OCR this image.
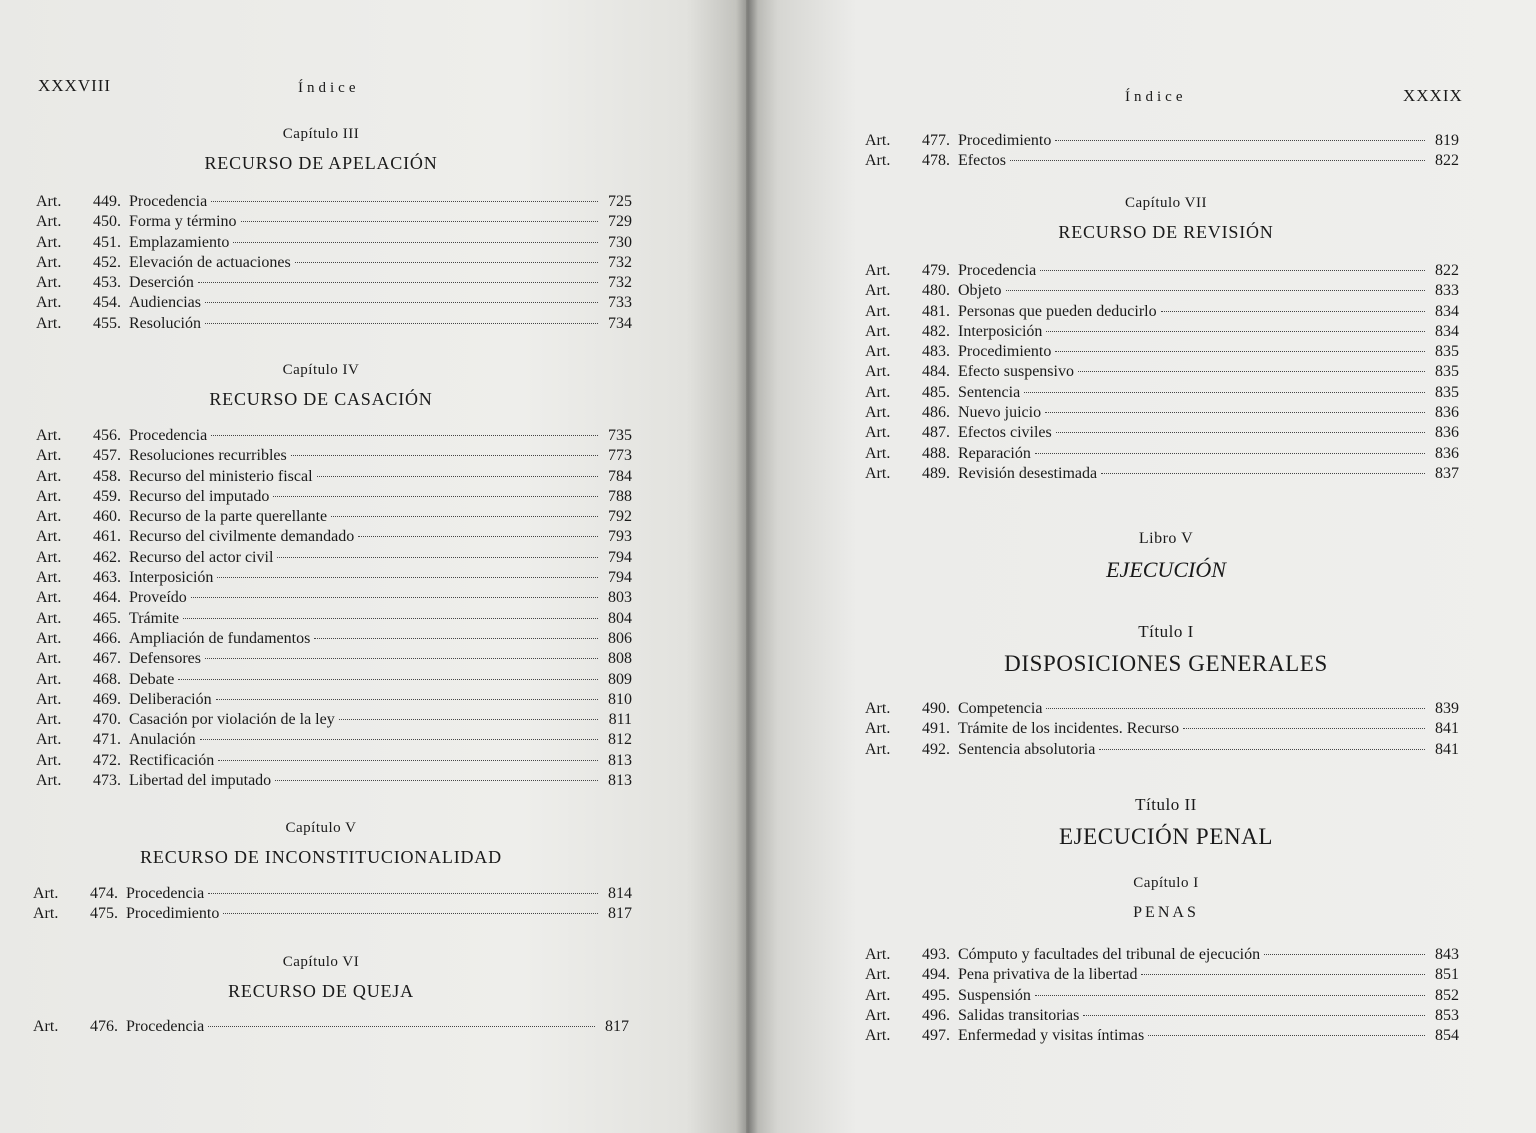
XXXVIII	Índice
Capítulo III
RECURSO DE APELACIÓN
Art.	449. Procedencia	725
Art.	450. Forma y término	729
Art.	451. Emplazamiento	730
Art.	452. Elevación de actuaciones	732
Art.	453. Deserción	732
Art.	454. Audiencias	733
Art.	455. Resolución	734
Capítulo IV
RECURSO DE CASACIÓN
Art.	456. Procedencia	735
Art.	457. Resoluciones recurribles	773
Art.	458. Recurso del ministerio fiscal	784
Art.	459. Recurso del imputado	788
Art.	460. Recurso de la parte querellante	792
Art.	461. Recurso del civilmente demandado	793
Art.	462. Recurso del actor civil	794
Art.	463. Interposición	794
Art.	464. Proveído	803
Art.	465. Trámite	804
Art.	466. Ampliación de fundamentos	806
Art.	467. Defensores	808
Art.	468. Debate	809
Art.	469. Deliberación	810
Art.	470. Casación por violación de la ley	811
Art.	471. Anulación	812
Art.	472. Rectificación	813
Art.	473. Libertad del imputado	813
Capítulo V
RECURSO DE INCONSTITUCIONALIDAD
Art.	474. Procedencia	814
Art.	475. Procedimiento	817
Capítulo VI
RECURSO DE QUEJA
Art.	476. Procedencia	817
Índice	XXXIX
Art.	477. Procedimiento	819
Art.	478. Efectos	822
Capítulo VII
RECURSO DE REVISIÓN
Art.	479. Procedencia	822
Art.	480. Objeto	833
Art.	481. Personas que pueden deducirlo	834
Art.	482. Interposición	834
Art.	483. Procedimiento	835
Art.	484. Efecto suspensivo	835
Art.	485. Sentencia	835
Art.	486. Nuevo juicio	836
Art.	487. Efectos civiles	836
Art.	488. Reparación	836
Art.	489. Revisión desestimada	837
Libro V
EJECUCIÓN
Título I
DISPOSICIONES GENERALES
Art.	490. Competencia	839
Art.	491. Trámite de los incidentes. Recurso	841
Art.	492. Sentencia absolutoria	841
Título II
EJECUCIÓN PENAL
Capítulo I
PENAS
Art.	493. Cómputo y facultades del tribunal de ejecución	843
Art.	494. Pena privativa de la libertad	851
Art.	495. Suspensión	852
Art.	496. Salidas transitorias	853
Art.	497. Enfermedad y visitas íntimas	854
